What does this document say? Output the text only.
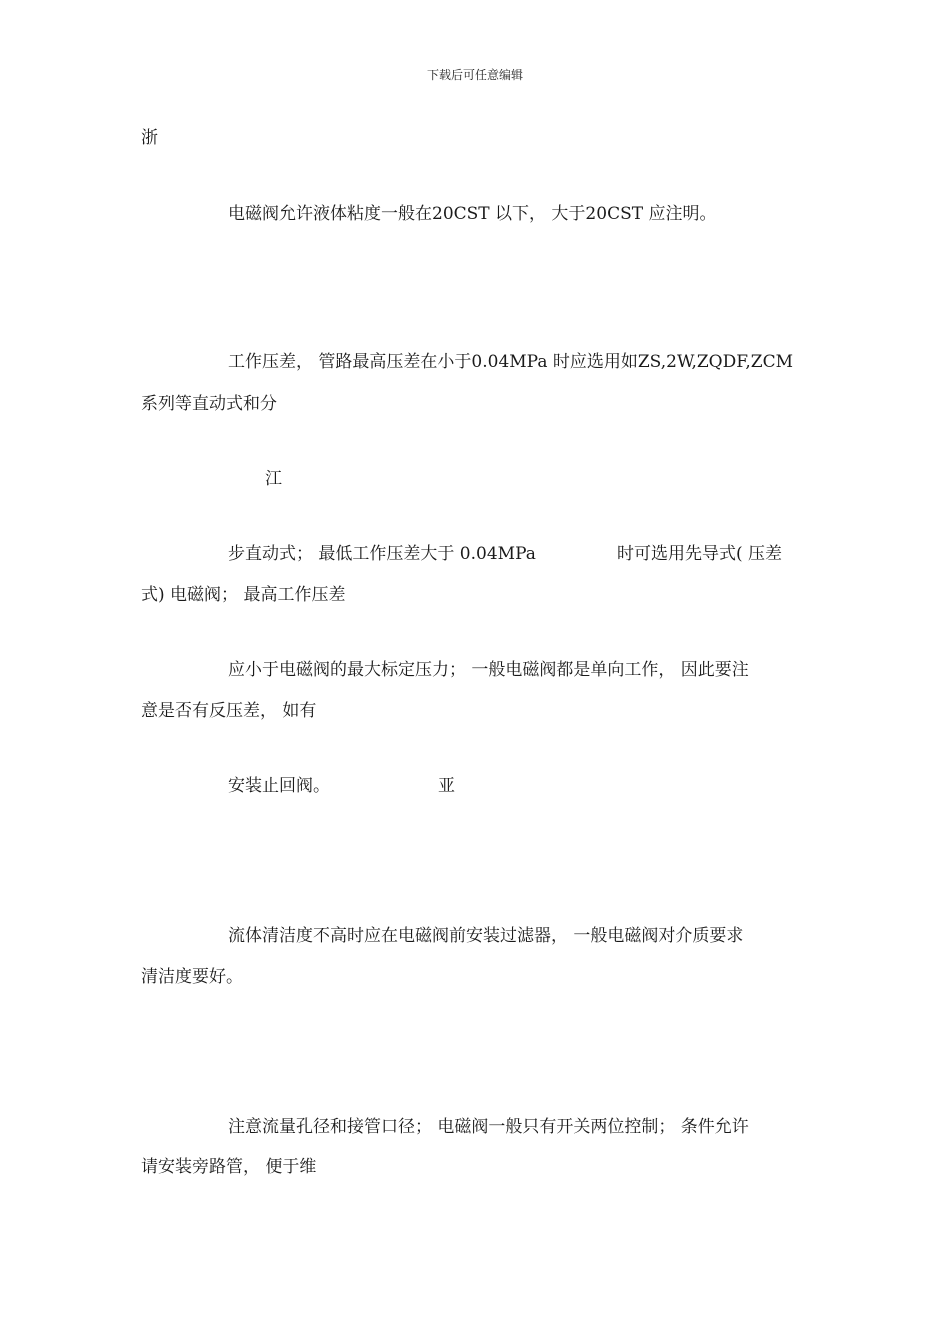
下载后可任意编辑
浙
电磁阀允许液体粘度一般在20CST 以下， 大于20CST 应注明。
工作压差， 管路最高压差在小于0.04MPa 时应选用如ZS,2W,ZQDF,ZCM
系列等直动式和分
江
步直动式； 最低工作压差大于 0.04MPa	时可选用先导式( 压差
式) 电磁阀； 最高工作压差
应小于电磁阀的最大标定压力； 一般电磁阀都是单向工作， 因此要注
意是否有反压差， 如有
安装止回阀。	亚
流体清洁度不高时应在电磁阀前安装过滤器， 一般电磁阀对介质要求
清洁度要好。
注意流量孔径和接管口径； 电磁阀一般只有开关两位控制； 条件允许
请安装旁路管， 便于维
